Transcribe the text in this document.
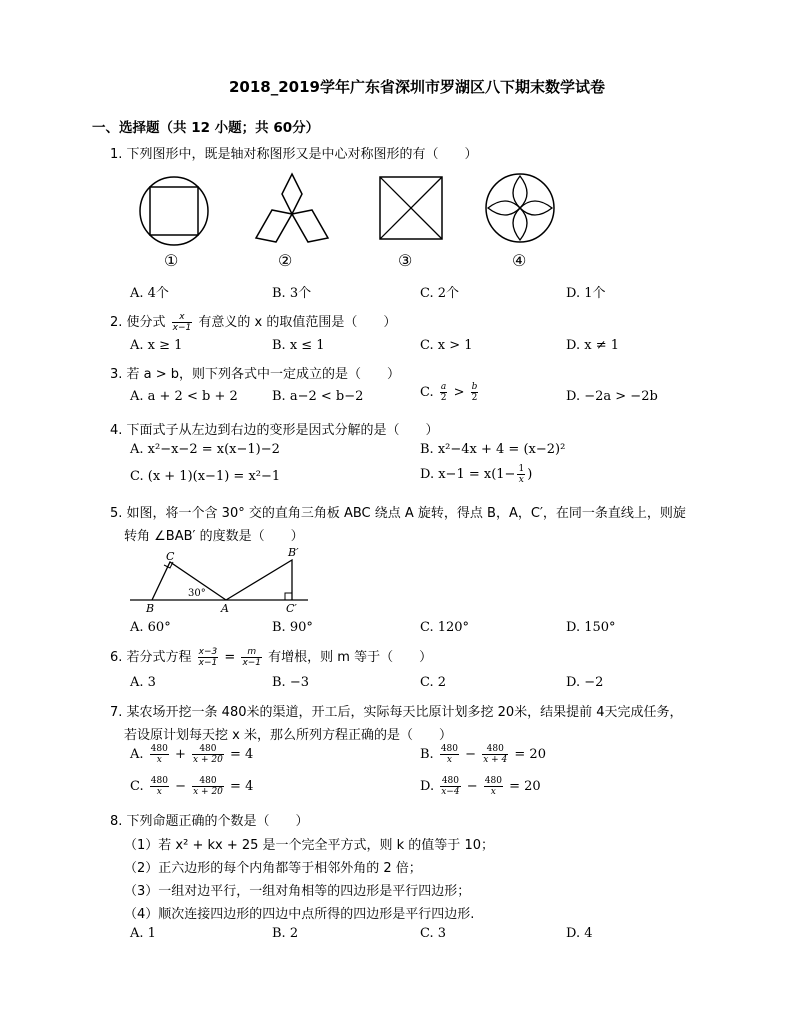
2018_2019学年广东省深圳市罗湖区八下期末数学试卷
一、选择题（共 12 小题；共 60分）
1. 下列图形中，既是轴对称图形又是中心对称图形的有（　　）
①	②	③	④
A. 4个	B. 3个	C. 2个	D. 1个
2. 使分式 $\frac{x}{x-1}$ 有意义的 x 的取值范围是（　　）
A. x ≥ 1	B. x ≤ 1	C. x > 1	D. x ≠ 1
3. 若 a > b，则下列各式中一定成立的是（　　）
A. a + 2 < b + 2	B. a−2 < b−2	C. $\frac{a}{2} > \frac{b}{2}$	D. −2a > −2b
4. 下面式子从左边到右边的变形是因式分解的是（　　）
A. x²−x−2 = x(x−1)−2	B. x²−4x + 4 = (x−2)²
C. (x + 1)(x−1) = x²−1	D. $x-1 = x(1- \frac{1}{x}$ )
5. 如图，将一个含 30° 交的直角三角板 ABC 绕点 A 旋转，得点 B，A，C′，在同一条直线上，则旋
转角 ∠BAB′ 的度数是（　　）
C
30°
B	A
B′
C′
A. 60°	B. 90°	C. 120°	D. 150°
6. 若分式方程 $\frac{x-3}{x-1} = \frac{m}{x-1}$ 有增根，则 m 等于（　　）
A. 3	B. −3	C. 2	D. −2
7. 某农场开挖一条 480米的渠道，开工后，实际每天比原计划多挖 20米，结果提前 4天完成任务，
若设原计划每天挖 x 米，那么所列方程正确的是（　　）
A. $\frac{480}{x} + \frac{480}{x + 20} = 4$	B. $\frac{480}{x} - \frac{480}{x + 4} = 20$
C. $\frac{480}{x} - \frac{480}{x + 20} = 4$	D. $\frac{480}{x-4} - \frac{480}{x} = 20$
8. 下列命题正确的个数是（　　）
（1）若 x² + kx + 25 是一个完全平方式，则 k 的值等于 10；
（2）正六边形的每个内角都等于相邻外角的 2 倍；
（3）一组对边平行，一组对角相等的四边形是平行四边形；
（4）顺次连接四边形的四边中点所得的四边形是平行四边形.
A. 1	B. 2	C. 3	D. 4
